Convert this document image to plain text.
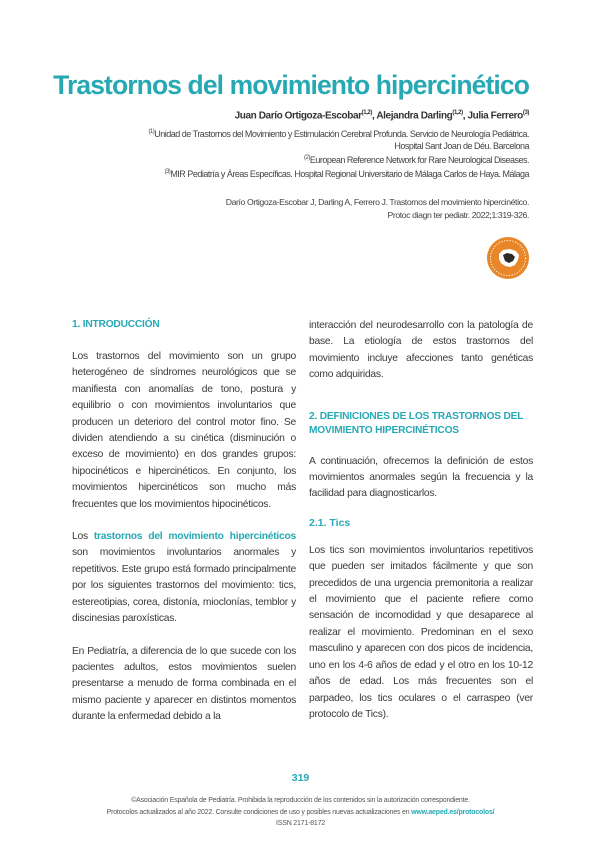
Trastornos del movimiento hipercinético
Juan Darío Ortigoza-Escobar$^{(1,2)}$, Alejandra Darling$^{(1,2)}$, Julia Ferrero$^{(3)}$
$^{(1)}$Unidad de Trastornos del Movimiento y Estimulación Cerebral Profunda. Servicio de Neurología Pediátrica.
Hospital Sant Joan de Déu. Barcelona
$^{(2)}$European Reference Network for Rare Neurological Diseases.
$^{(3)}$MIR Pediatría y Áreas Específicas. Hospital Regional Universitario de Málaga Carlos de Haya. Málaga
Darío Ortigoza-Escobar J, Darling A, Ferrero J. Trastornos del movimiento hipercinético.
Protoc diagn ter pediatr. 2022;1:319-326.
1. INTRODUCCIÓN

Los trastornos del movimiento son un grupo heterogéneo de síndromes neurológicos que se manifiesta con anomalías de tono, postura y equilibrio o con movimientos involuntarios que producen un deterioro del control motor fino. Se dividen atendiendo a su cinética (disminución o exceso de movimiento) en dos grandes grupos: hipocinéticos e hipercinéticos. En conjunto, los movimientos hipercinéticos son mucho más frecuentes que los movimientos hipocinéticos.

Los trastornos del movimiento hipercinéticos son movimientos involuntarios anormales y repetitivos. Este grupo está formado principalmente por los siguientes trastornos del movimiento: tics, estereotipias, corea, distonía, mioclonías, temblor y discinesias paroxísticas.

En Pediatría, a diferencia de lo que sucede con los pacientes adultos, estos movimientos suelen presentarse a menudo de forma combinada en el mismo paciente y aparecer en distintos momentos durante la enfermedad debido a la

interacción del neurodesarrollo con la patología de base. La etiología de estos trastornos del movimiento incluye afecciones tanto genéticas como adquiridas.

2. DEFINICIONES DE LOS TRASTORNOS DEL MOVIMIENTO HIPERCINÉTICOS

A continuación, ofrecemos la definición de estos movimientos anormales según la frecuencia y la facilidad para diagnosticarlos.

2.1. Tics

Los tics son movimientos involuntarios repetitivos que pueden ser imitados fácilmente y que son precedidos de una urgencia premonitoria a realizar el movimiento que el paciente refiere como sensación de incomodidad y que desaparece al realizar el movimiento. Predominan en el sexo masculino y aparecen con dos picos de incidencia, uno en los 4-6 años de edad y el otro en los 10-12 años de edad. Los más frecuentes son el parpadeo, los tics oculares o el carraspeo (ver protocolo de Tics).

319
©Asociación Española de Pediatría. Prohibida la reproducción de los contenidos sin la autorización correspondiente.
Protocolos actualizados al año 2022. Consulte condiciones de uso y posibles nuevas actualizaciones en www.aeped.es/protocolos/
ISSN 2171-8172
